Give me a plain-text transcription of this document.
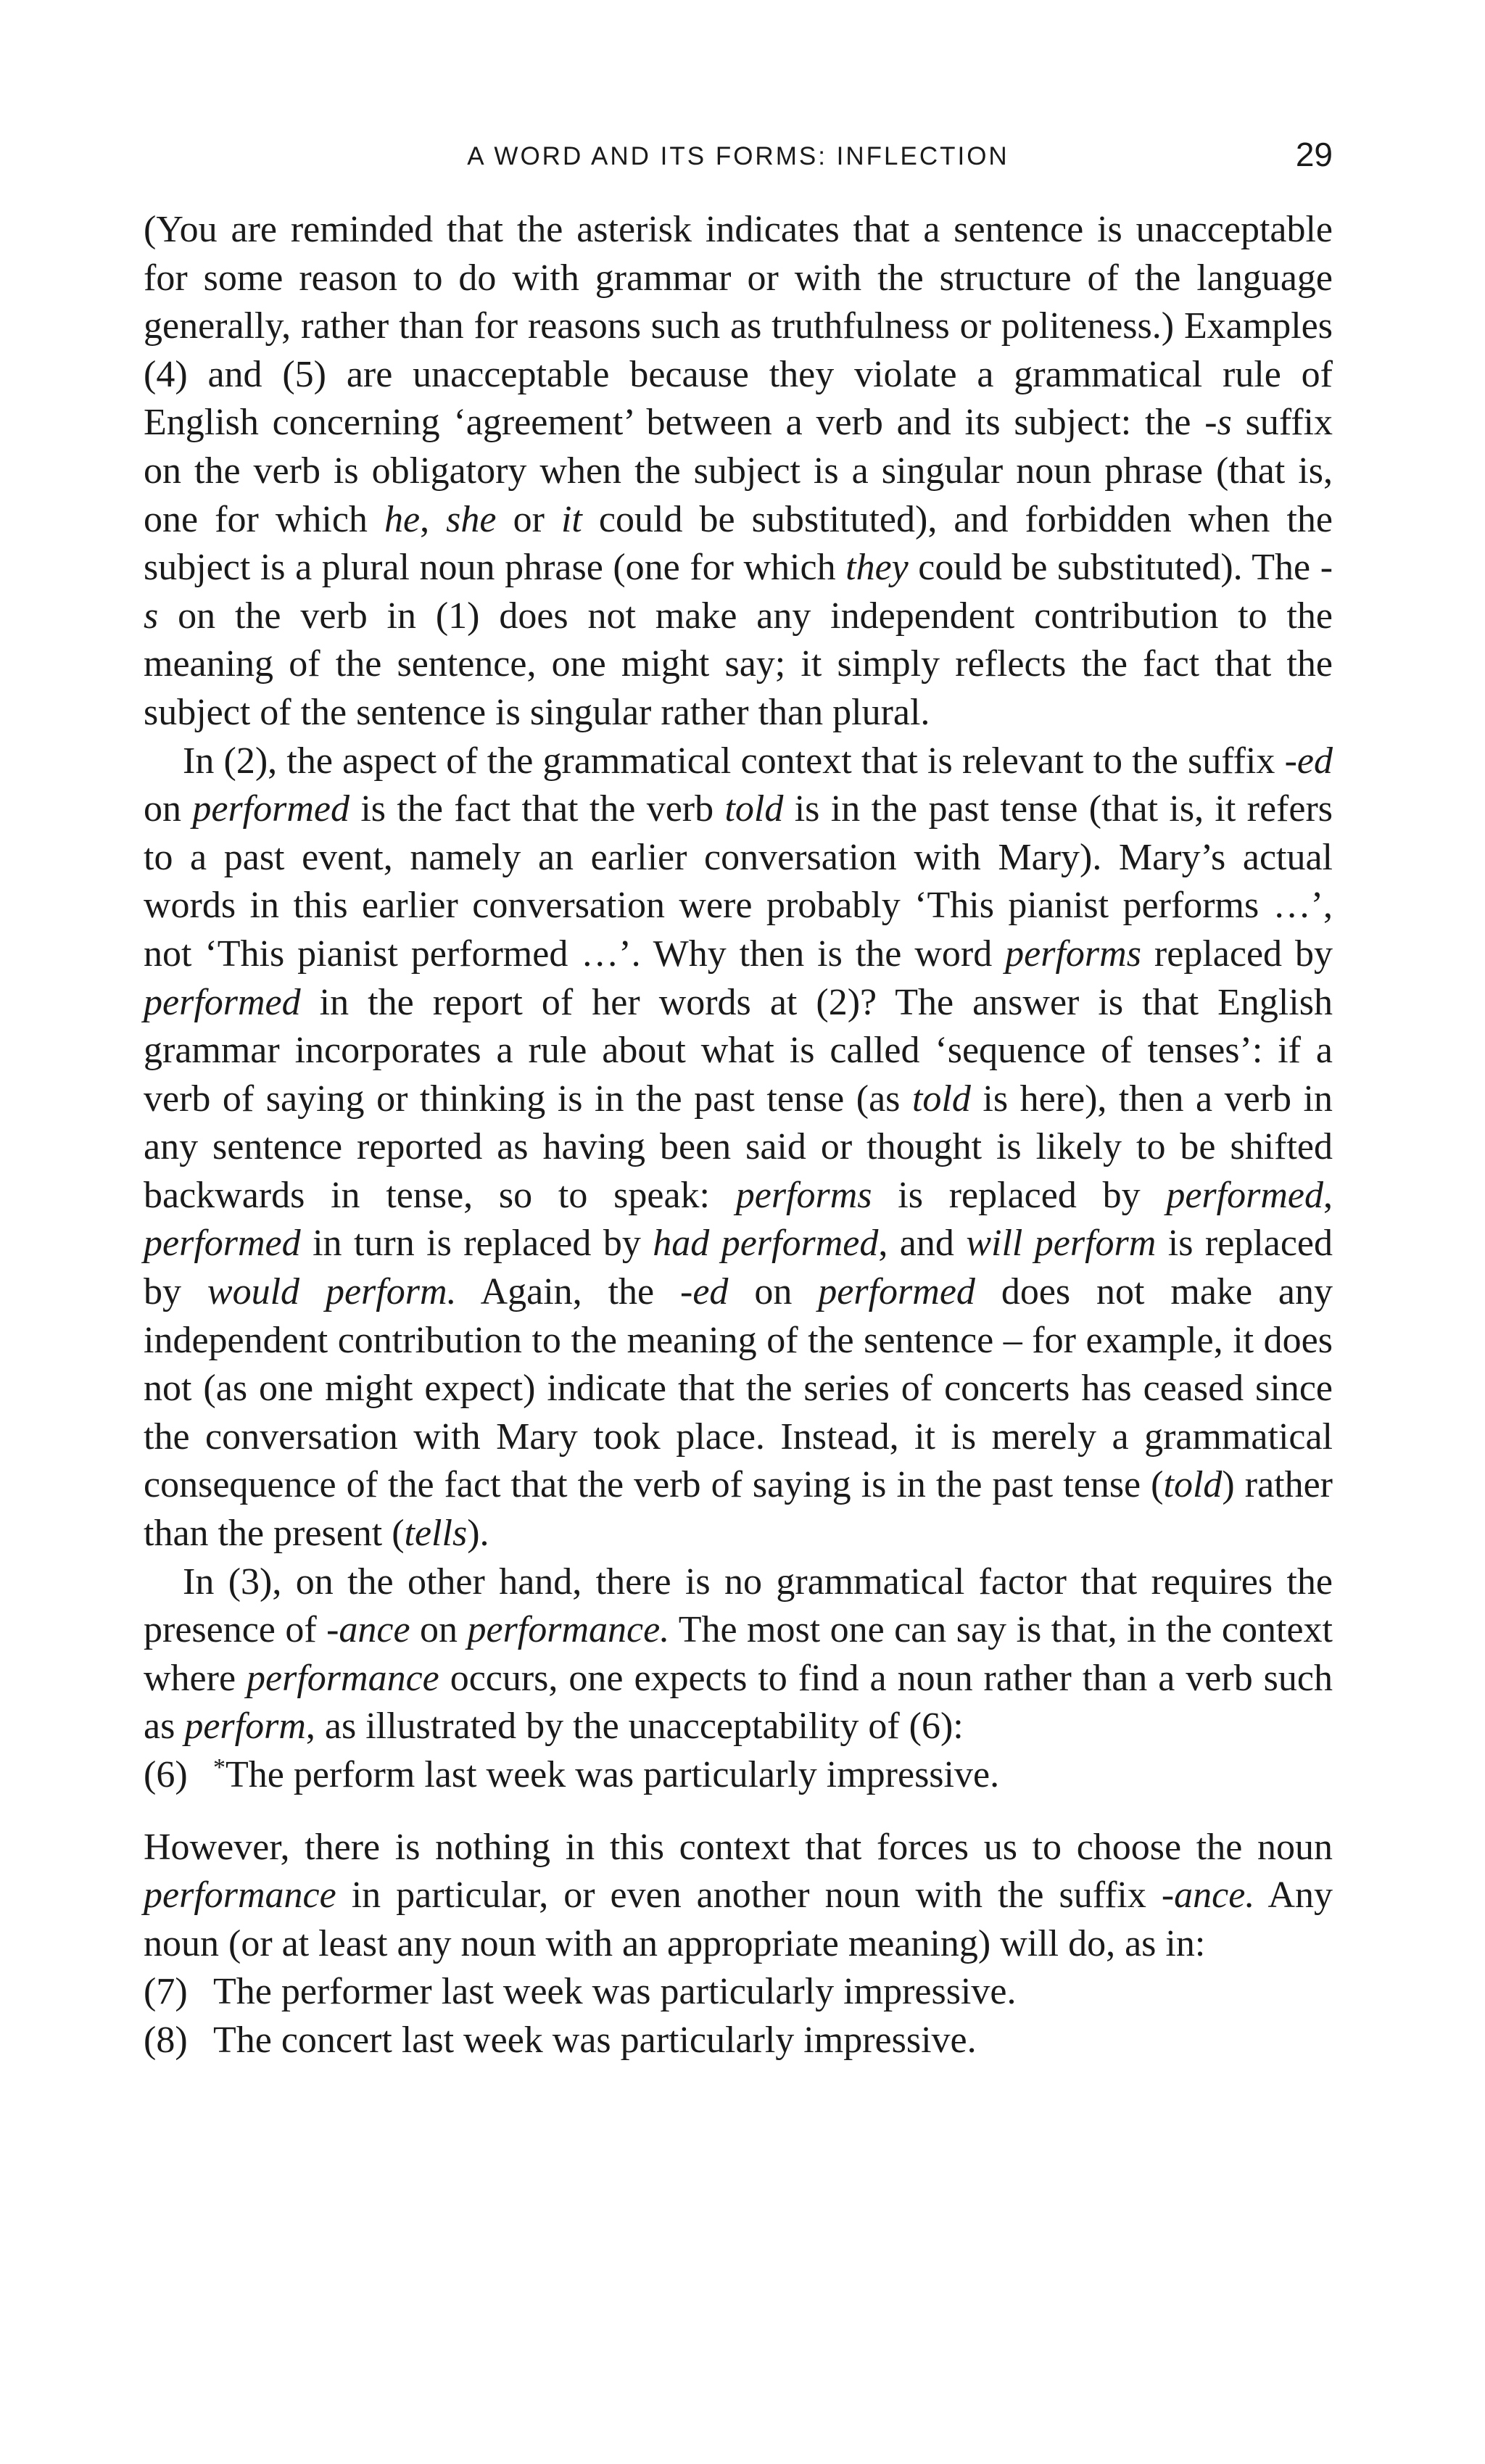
A WORD AND ITS FORMS: INFLECTION	29

(You are reminded that the asterisk indicates that a sentence is unacceptable for some reason to do with grammar or with the structure of the language generally, rather than for reasons such as truthfulness or politeness.) Examples (4) and (5) are unacceptable because they violate a grammatical rule of English concerning ‘agreement’ between a verb and its subject: the -s suffix on the verb is obligatory when the subject is a singular noun phrase (that is, one for which he, she or it could be substituted), and forbidden when the subject is a plural noun phrase (one for which they could be substituted). The -s on the verb in (1) does not make any independent contribution to the meaning of the sentence, one might say; it simply reflects the fact that the subject of the sentence is singular rather than plural.

In (2), the aspect of the grammatical context that is relevant to the suffix -ed on performed is the fact that the verb told is in the past tense (that is, it refers to a past event, namely an earlier conversation with Mary). Mary’s actual words in this earlier conversation were probably ‘This pianist performs …’, not ‘This pianist performed …’. Why then is the word performs replaced by performed in the report of her words at (2)? The answer is that English grammar incorporates a rule about what is called ‘sequence of tenses’: if a verb of saying or thinking is in the past tense (as told is here), then a verb in any sentence reported as having been said or thought is likely to be shifted backwards in tense, so to speak: performs is replaced by performed, performed in turn is replaced by had performed, and will perform is replaced by would perform. Again, the -ed on performed does not make any independent contribution to the meaning of the sentence – for example, it does not (as one might expect) indicate that the series of concerts has ceased since the conversation with Mary took place. Instead, it is merely a grammatical consequence of the fact that the verb of saying is in the past tense (told) rather than the present (tells).

In (3), on the other hand, there is no grammatical factor that requires the presence of -ance on performance. The most one can say is that, in the context where performance occurs, one expects to find a noun rather than a verb such as perform, as illustrated by the unacceptability of (6):

(6)	*The perform last week was particularly impressive.

However, there is nothing in this context that forces us to choose the noun performance in particular, or even another noun with the suffix -ance. Any noun (or at least any noun with an appropriate meaning) will do, as in:

(7) The performer last week was particularly impressive.
(8) The concert last week was particularly impressive.
